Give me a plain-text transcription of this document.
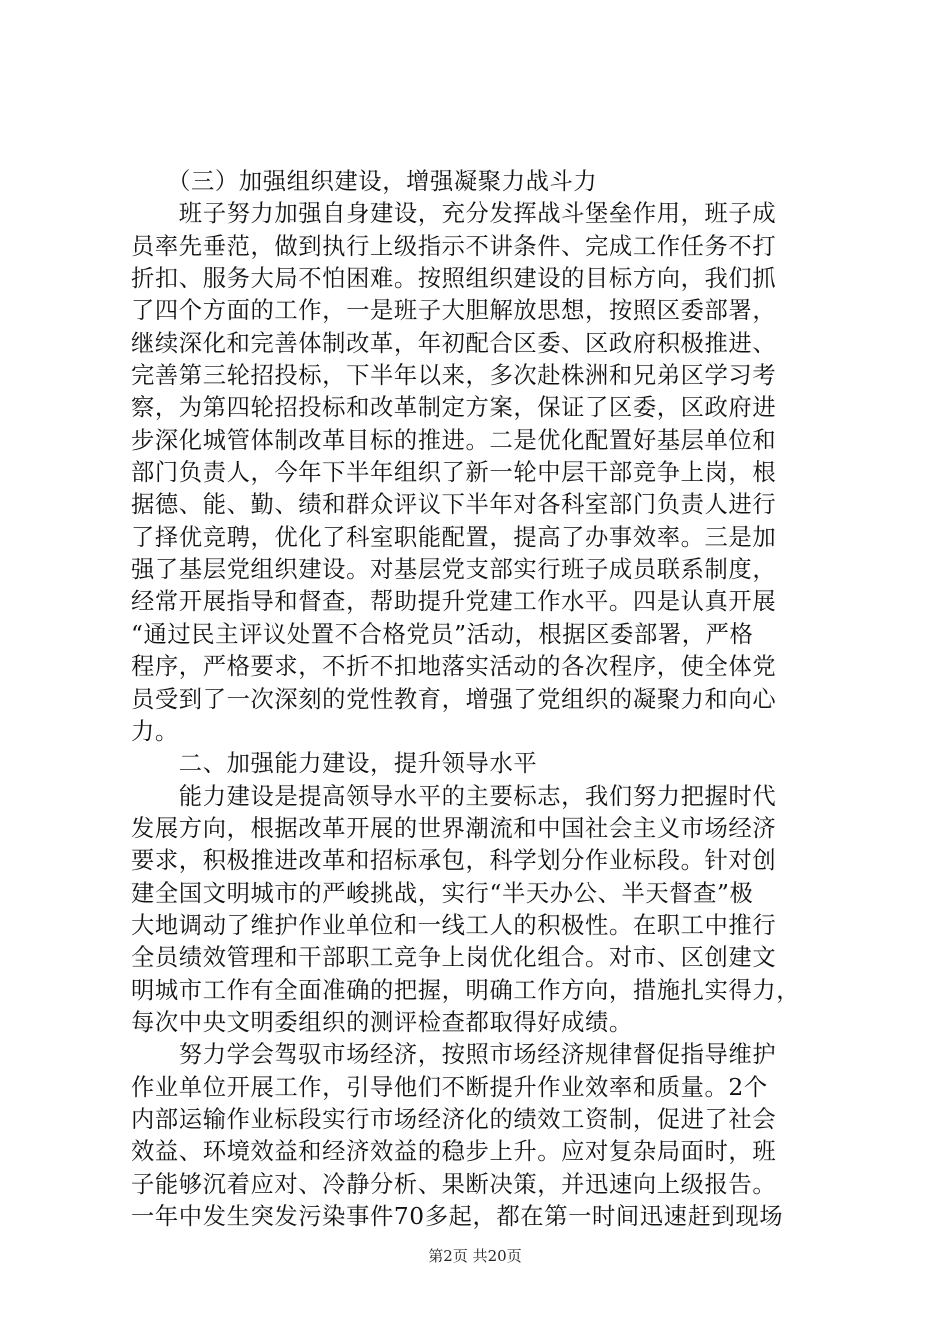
　　（三）加强组织建设，增强凝聚力战斗力
　　班子努力加强自身建设，充分发挥战斗堡垒作用，班子成
员率先垂范，做到执行上级指示不讲条件、完成工作任务不打
折扣、服务大局不怕困难。按照组织建设的目标方向，我们抓
了四个方面的工作，一是班子大胆解放思想，按照区委部署，
继续深化和完善体制改革，年初配合区委、区政府积极推进、
完善第三轮招投标，下半年以来，多次赴株洲和兄弟区学习考
察，为第四轮招投标和改革制定方案，保证了区委，区政府进
步深化城管体制改革目标的推进。二是优化配置好基层单位和
部门负责人，今年下半年组织了新一轮中层干部竞争上岗，根
据德、能、勤、绩和群众评议下半年对各科室部门负责人进行
了择优竞聘，优化了科室职能配置，提高了办事效率。三是加
强了基层党组织建设。对基层党支部实行班子成员联系制度，
经常开展指导和督查，帮助提升党建工作水平。四是认真开展
“通过民主评议处置不合格党员”活动，根据区委部署，严格
程序，严格要求，不折不扣地落实活动的各次程序，使全体党
员受到了一次深刻的党性教育，增强了党组织的凝聚力和向心
力。
　　二、加强能力建设，提升领导水平
　　能力建设是提高领导水平的主要标志，我们努力把握时代
发展方向，根据改革开展的世界潮流和中国社会主义市场经济
要求，积极推进改革和招标承包，科学划分作业标段。针对创
建全国文明城市的严峻挑战，实行“半天办公、半天督查”极
大地调动了维护作业单位和一线工人的积极性。在职工中推行
全员绩效管理和干部职工竞争上岗优化组合。对市、区创建文
明城市工作有全面准确的把握，明确工作方向，措施扎实得力，
每次中央文明委组织的测评检查都取得好成绩。
　　努力学会驾驭市场经济，按照市场经济规律督促指导维护
作业单位开展工作，引导他们不断提升作业效率和质量。2个
内部运输作业标段实行市场经济化的绩效工资制，促进了社会
效益、环境效益和经济效益的稳步上升。应对复杂局面时，班
子能够沉着应对、冷静分析、果断决策，并迅速向上级报告。
一年中发生突发污染事件70多起，都在第一时间迅速赶到现场
第2页 共20页
